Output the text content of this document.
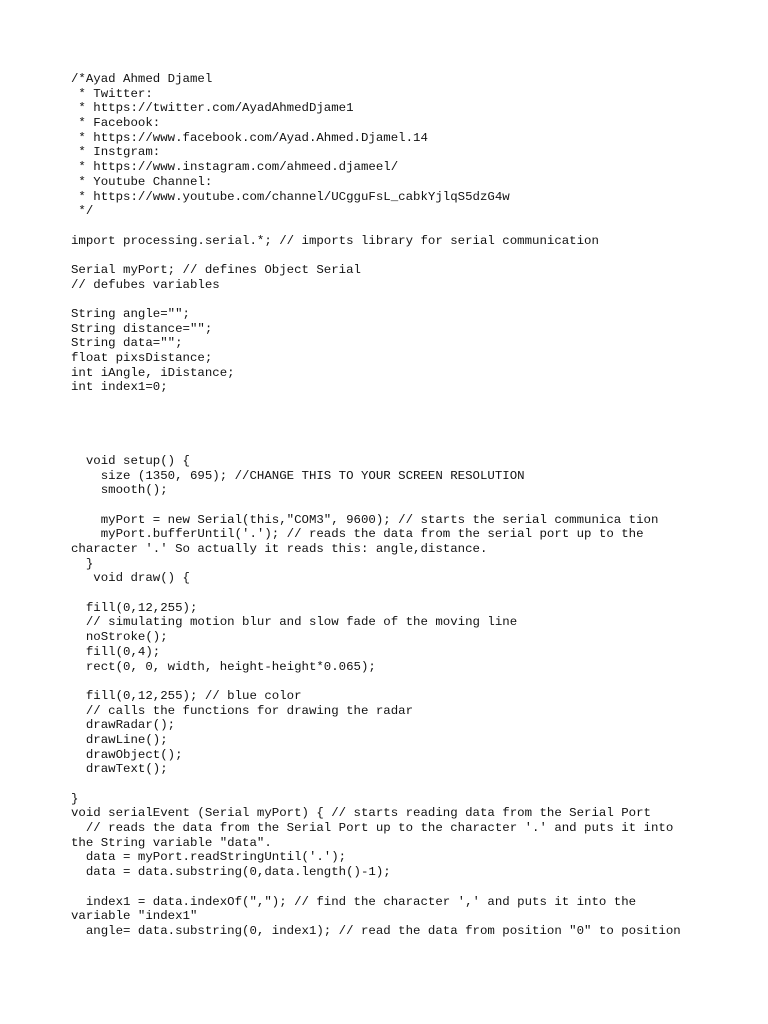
/*Ayad Ahmed Djamel
* Twitter:
* https://twitter.com/AyadAhmedDjame1
* Facebook:
* https://www.facebook.com/Ayad.Ahmed.Djamel.14
* Instgram:
* https://www.instagram.com/ahmeed.djameel/
* Youtube Channel:
* https://www.youtube.com/channel/UCgguFsL_cabkYjlqS5dzG4w
*/
import processing.serial.*; // imports library for serial communication
Serial myPort; // defines Object Serial
// defubes variables
String angle="";
String distance="";
String data="";
float pixsDistance;
int iAngle, iDistance;
int index1=0;
void setup() {
size (1350, 695); //CHANGE THIS TO YOUR SCREEN RESOLUTION
smooth();
myPort = new Serial(this,"COM3", 9600); // starts the serial communica tion
myPort.bufferUntil('.'); // reads the data from the serial port up to the
character '.' So actually it reads this: angle,distance.
}
void draw() {
fill(0,12,255);
// simulating motion blur and slow fade of the moving line
noStroke();
fill(0,4);
rect(0, 0, width, height-height*0.065);
fill(0,12,255); // blue color
// calls the functions for drawing the radar
drawRadar();
drawLine();
drawObject();
drawText();
}
void serialEvent (Serial myPort) { // starts reading data from the Serial Port
// reads the data from the Serial Port up to the character '.' and puts it into
the String variable "data".
data = myPort.readStringUntil('.');
data = data.substring(0,data.length()-1);
index1 = data.indexOf(","); // find the character ',' and puts it into the
variable "index1"
angle= data.substring(0, index1); // read the data from position "0" to position
